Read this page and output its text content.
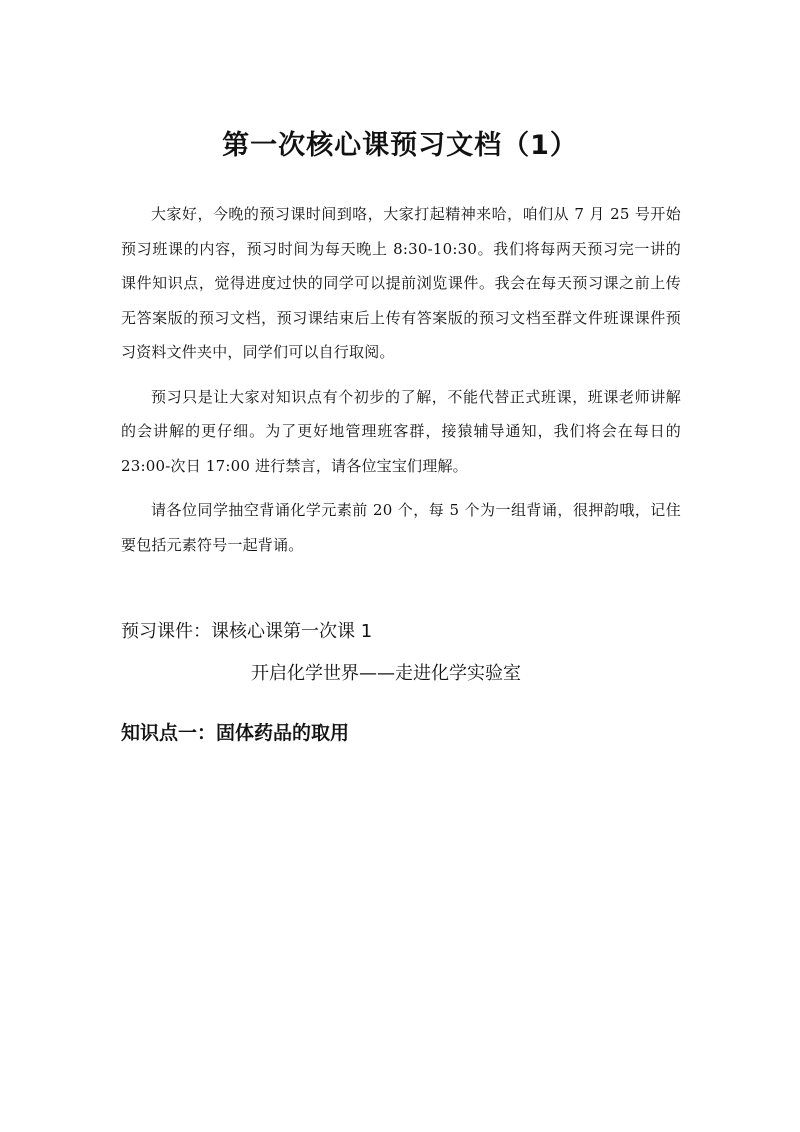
第一次核心课预习文档（1）

大家好，今晚的预习课时间到咯，大家打起精神来哈，咱们从 7 月 25 号开始预习班课的内容，预习时间为每天晚上 8:30-10:30。我们将每两天预习完一讲的课件知识点，觉得进度过快的同学可以提前浏览课件。我会在每天预习课之前上传无答案版的预习文档，预习课结束后上传有答案版的预习文档至群文件班课课件预习资料文件夹中，同学们可以自行取阅。

预习只是让大家对知识点有个初步的了解，不能代替正式班课，班课老师讲解的会讲解的更仔细。为了更好地管理班客群，接猿辅导通知，我们将会在每日的 23:00-次日 17:00 进行禁言，请各位宝宝们理解。

请各位同学抽空背诵化学元素前 20 个，每 5 个为一组背诵，很押韵哦，记住要包括元素符号一起背诵。

预习课件：课核心课第一次课 1
开启化学世界——走进化学实验室
知识点一：固体药品的取用
